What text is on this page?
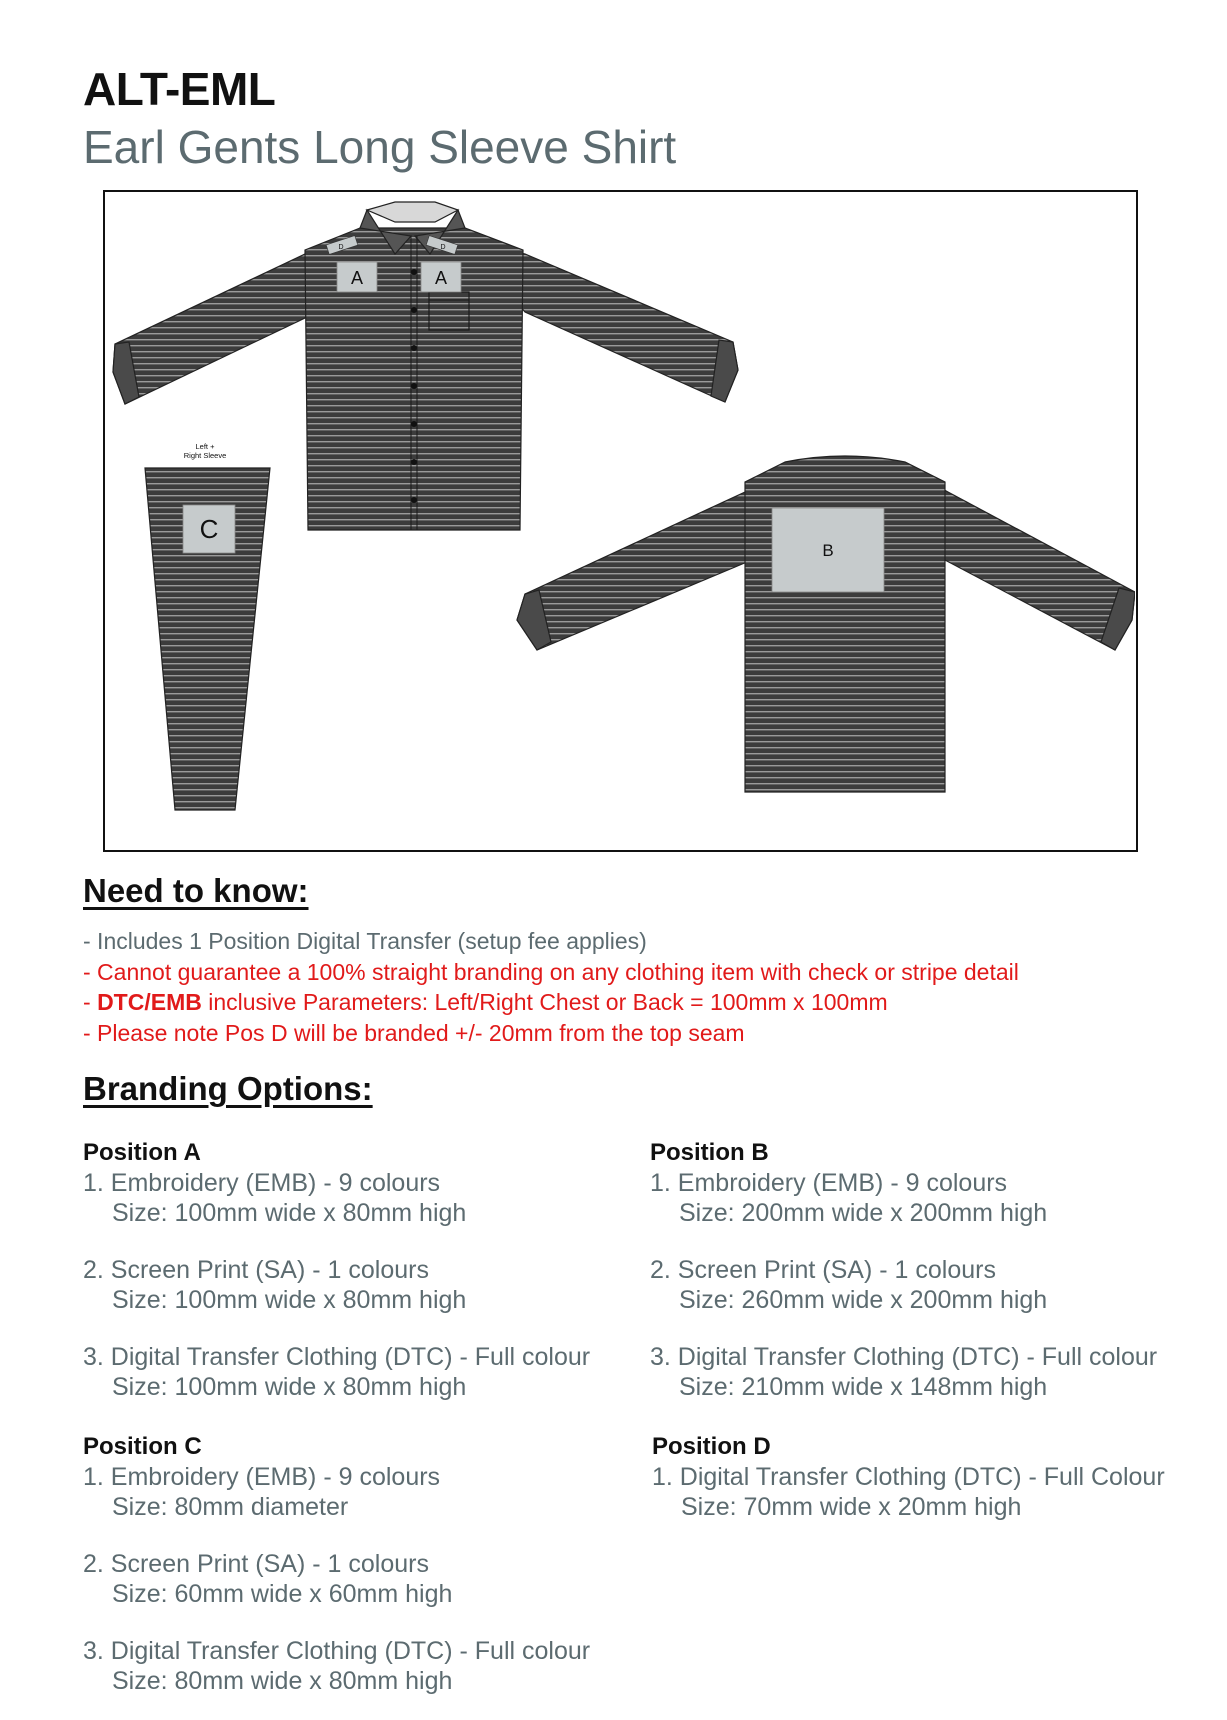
ALT-EML
Earl Gents Long Sleeve Shirt
D	D
A	A
Left +
Right Sleeve
C
B
Need to know:
- Includes 1 Position Digital Transfer (setup fee applies)
- Cannot guarantee a 100% straight branding on any clothing item with check or stripe detail
- DTC/EMB inclusive Parameters: Left/Right Chest or Back = 100mm x 100mm
- Please note Pos D will be branded +/- 20mm from the top seam
Branding Options:
Position A
1. Embroidery (EMB) - 9 colours
Size: 100mm wide x 80mm high
2. Screen Print (SA) - 1 colours
Size: 100mm wide x 80mm high
3. Digital Transfer Clothing (DTC) - Full colour
Size: 100mm wide x 80mm high
Position B
1. Embroidery (EMB) - 9 colours
Size: 200mm wide x 200mm high
2. Screen Print (SA) - 1 colours
Size: 260mm wide x 200mm high
3. Digital Transfer Clothing (DTC) - Full colour
Size: 210mm wide x 148mm high
Position C
1. Embroidery (EMB) - 9 colours
Size: 80mm diameter
2. Screen Print (SA) - 1 colours
Size: 60mm wide x 60mm high
3. Digital Transfer Clothing (DTC) - Full colour
Size: 80mm wide x 80mm high
Position D
1. Digital Transfer Clothing (DTC) - Full Colour
Size: 70mm wide x 20mm high
